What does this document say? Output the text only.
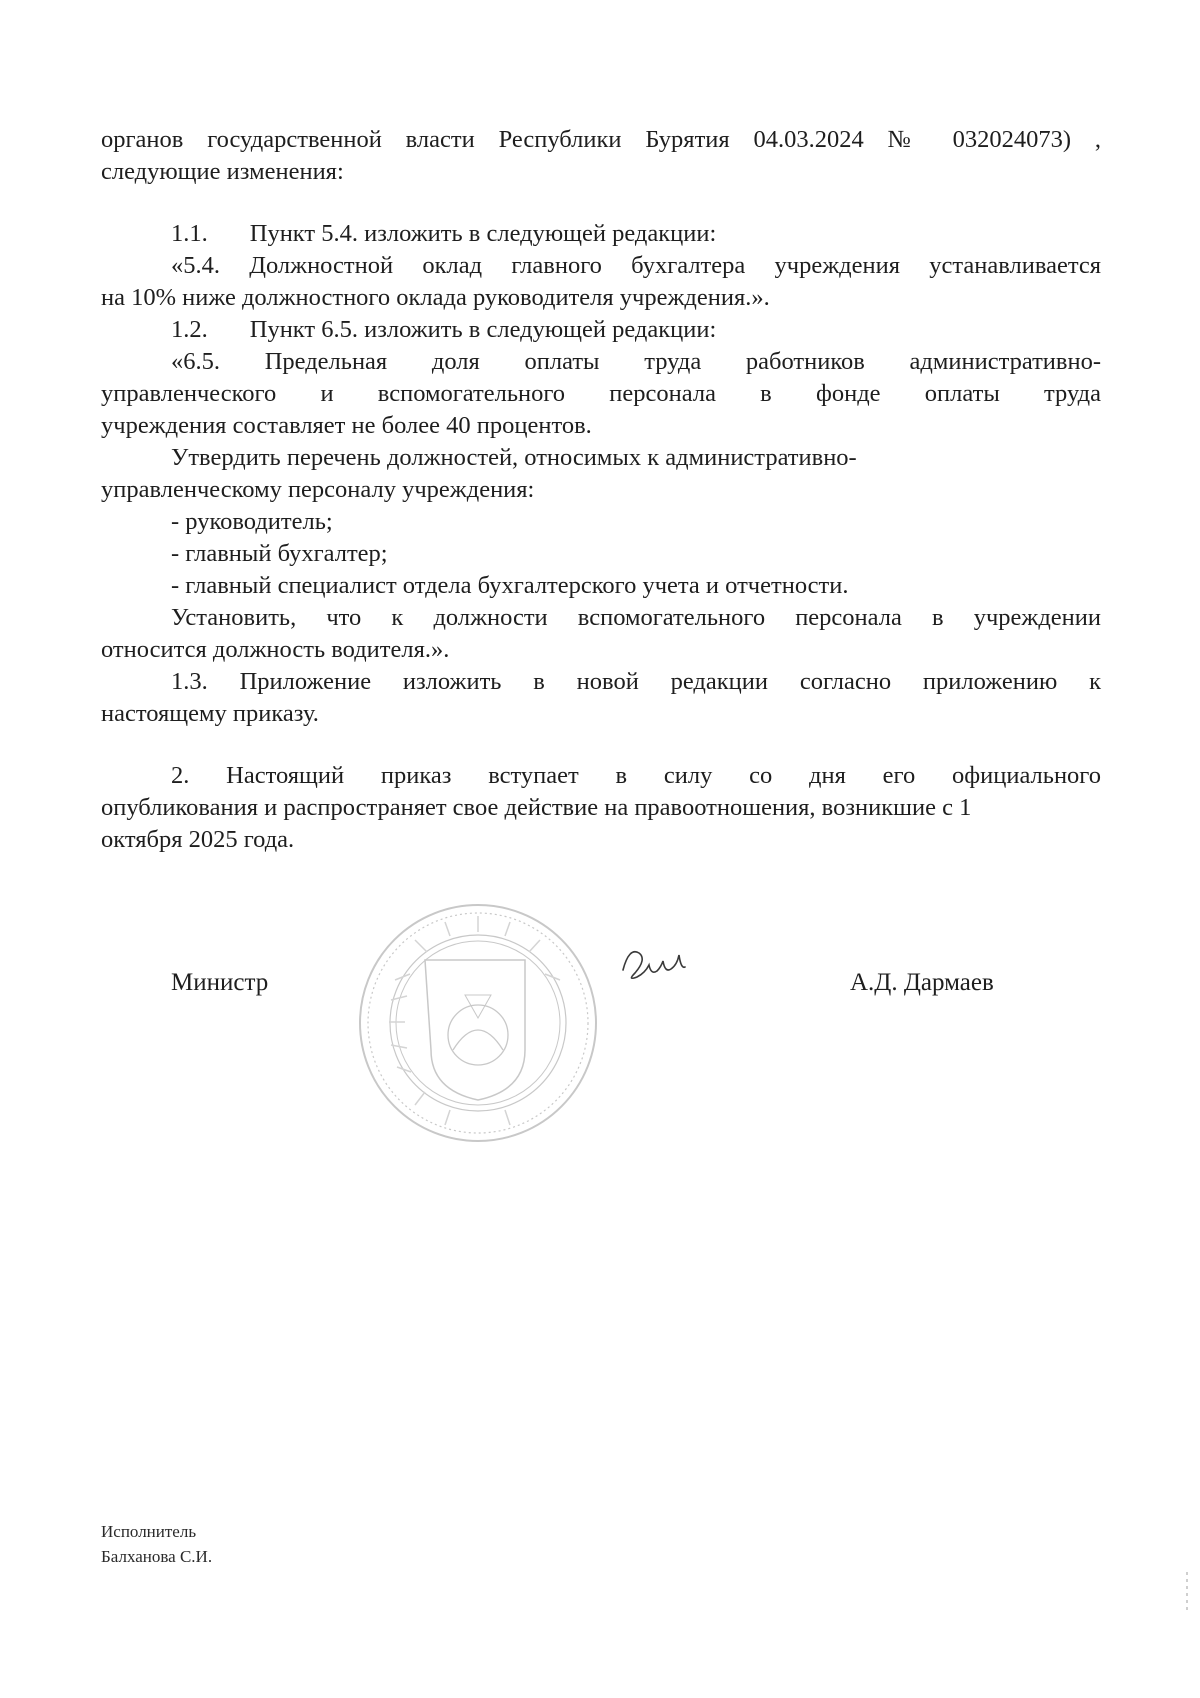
органов государственной власти Республики Бурятия 04.03.2024 № 032024073) ,
следующие изменения:
1.1. Пункт 5.4. изложить в следующей редакции:
«5.4. Должностной оклад главного бухгалтера учреждения устанавливается
на 10% ниже должностного оклада руководителя учреждения.».
1.2. Пункт 6.5. изложить в следующей редакции:
«6.5. Предельная доля оплаты труда работников административно-
управленческого и вспомогательного персонала в фонде оплаты труда
учреждения составляет не более 40 процентов.
Утвердить перечень должностей, относимых к административно-
управленческому персоналу учреждения:
- руководитель;
- главный бухгалтер;
- главный специалист отдела бухгалтерского учета и отчетности.
Установить, что к должности вспомогательного персонала в учреждении
относится должность водителя.».
1.3. Приложение изложить в новой редакции согласно приложению к
настоящему приказу.
2. Настоящий приказ вступает в силу со дня его официального
опубликования и распространяет свое действие на правоотношения, возникшие с 1
октября 2025 года.
Министр	А.Д. Дармаев
Исполнитель
Балханова С.И.
